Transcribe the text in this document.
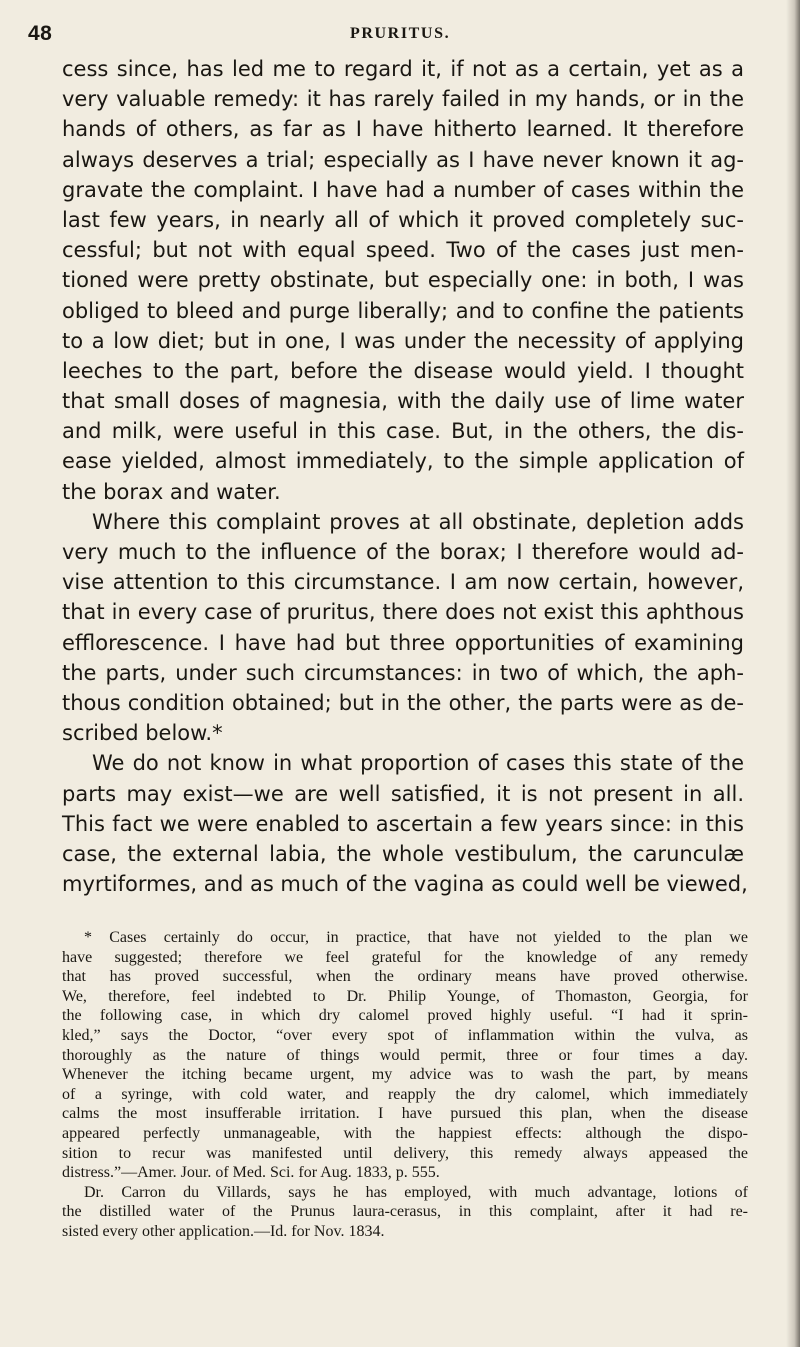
48	PRURITUS.
cess since, has led me to regard it, if not as a certain, yet as a
very valuable remedy: it has rarely failed in my hands, or in the
hands of others, as far as I have hitherto learned. It therefore
always deserves a trial; especially as I have never known it ag-
gravate the complaint. I have had a number of cases within the
last few years, in nearly all of which it proved completely suc-
cessful; but not with equal speed. Two of the cases just men-
tioned were pretty obstinate, but especially one: in both, I was
obliged to bleed and purge liberally; and to confine the patients
to a low diet; but in one, I was under the necessity of applying
leeches to the part, before the disease would yield. I thought
that small doses of magnesia, with the daily use of lime water
and milk, were useful in this case. But, in the others, the dis-
ease yielded, almost immediately, to the simple application of
the borax and water.
Where this complaint proves at all obstinate, depletion adds
very much to the influence of the borax; I therefore would ad-
vise attention to this circumstance. I am now certain, however,
that in every case of pruritus, there does not exist this aphthous
efflorescence. I have had but three opportunities of examining
the parts, under such circumstances: in two of which, the aph-
thous condition obtained; but in the other, the parts were as de-
scribed below.*
We do not know in what proportion of cases this state of the
parts may exist—we are well satisfied, it is not present in all.
This fact we were enabled to ascertain a few years since: in this
case, the external labia, the whole vestibulum, the carunculæ
myrtiformes, and as much of the vagina as could well be viewed,
* Cases certainly do occur, in practice, that have not yielded to the plan we
have suggested; therefore we feel grateful for the knowledge of any remedy
that has proved successful, when the ordinary means have proved otherwise.
We, therefore, feel indebted to Dr. Philip Younge, of Thomaston, Georgia, for
the following case, in which dry calomel proved highly useful. “I had it sprin-
kled,” says the Doctor, “over every spot of inflammation within the vulva, as
thoroughly as the nature of things would permit, three or four times a day.
Whenever the itching became urgent, my advice was to wash the part, by means
of a syringe, with cold water, and reapply the dry calomel, which immediately
calms the most insufferable irritation. I have pursued this plan, when the disease
appeared perfectly unmanageable, with the happiest effects: although the dispo-
sition to recur was manifested until delivery, this remedy always appeased the
distress.”—Amer. Jour. of Med. Sci. for Aug. 1833, p. 555.
Dr. Carron du Villards, says he has employed, with much advantage, lotions of
the distilled water of the Prunus laura-cerasus, in this complaint, after it had re-
sisted every other application.—Id. for Nov. 1834.
